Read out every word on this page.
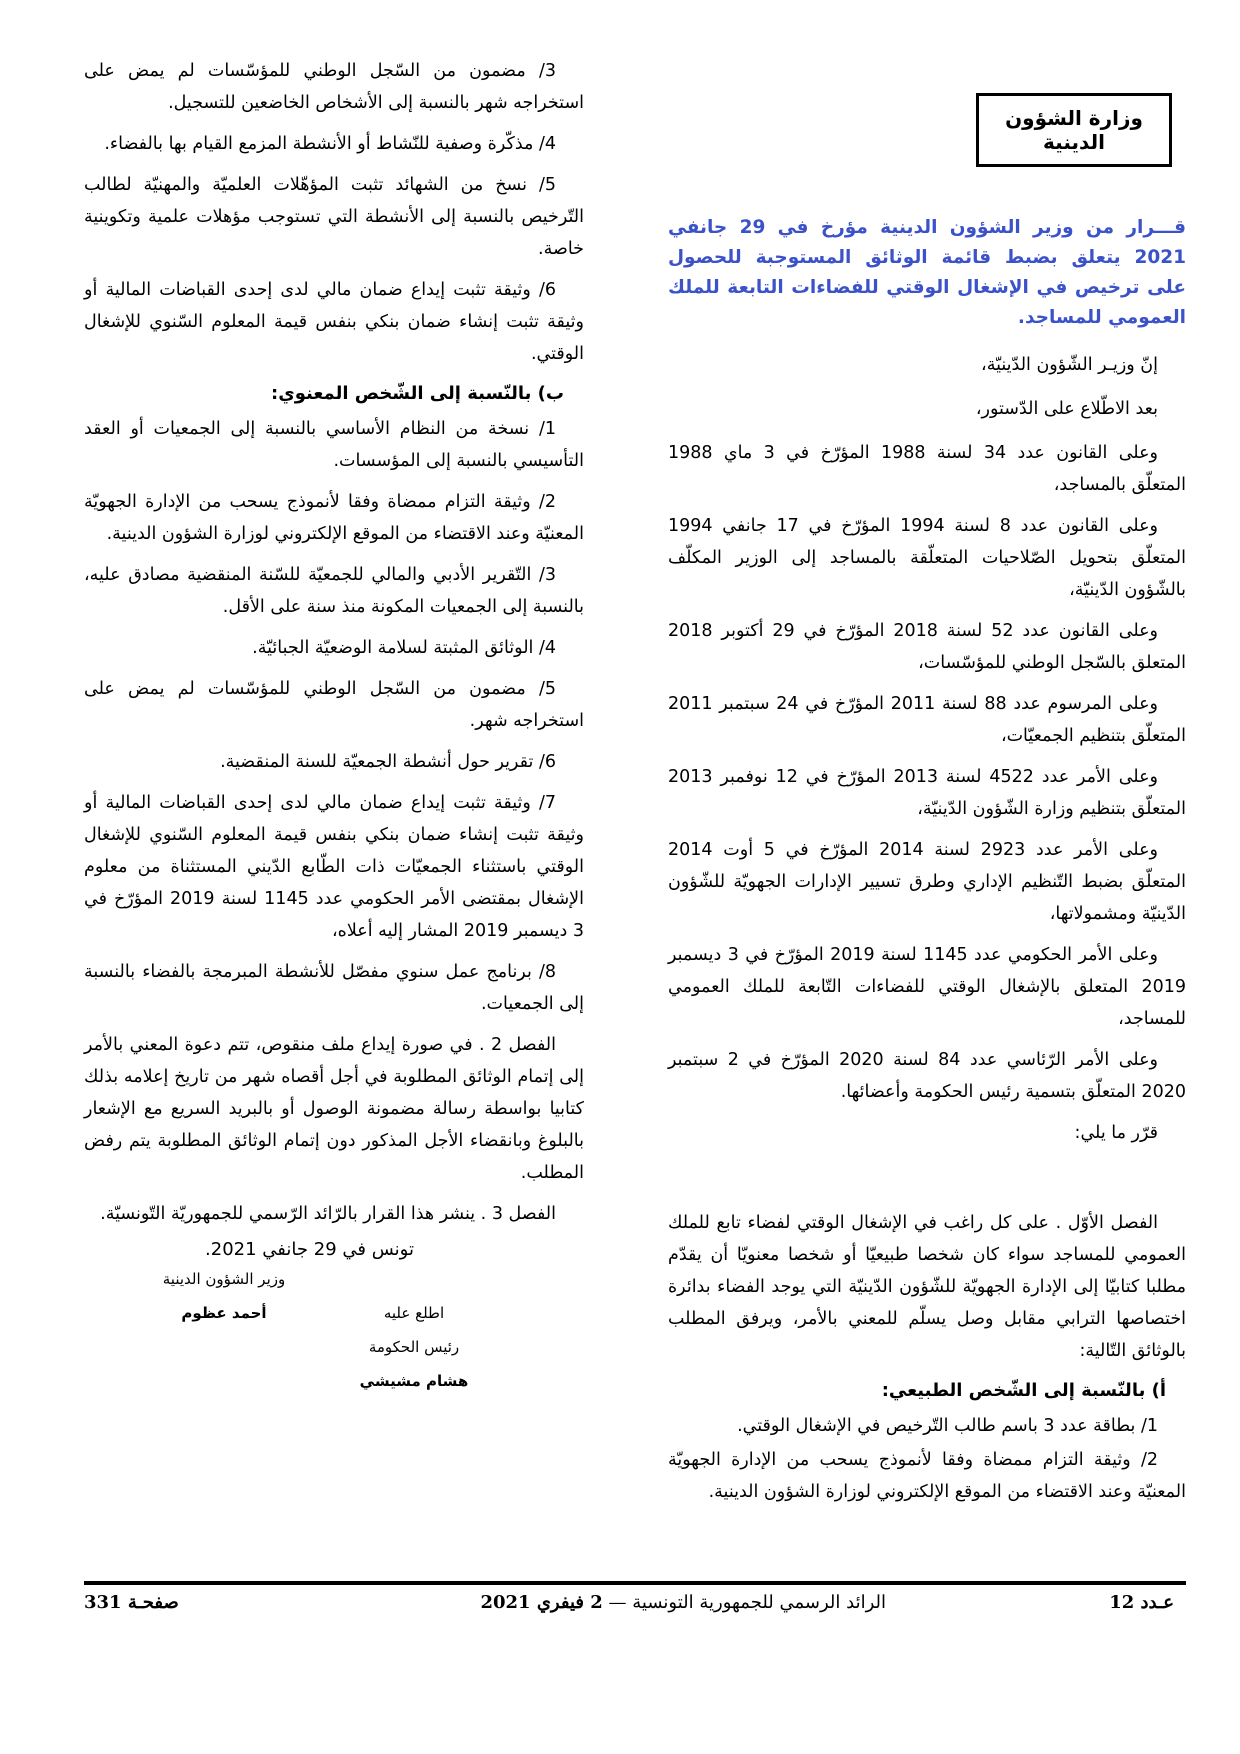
وزارة الشؤون الدينية

قـــرار من وزير الشؤون الدينية مؤرخ في 29 جانفي 2021 يتعلق بضبط قائمة الوثائق المستوجبة للحصول على ترخيص في الإشغال الوقتي للفضاءات التابعة للملك العمومي للمساجد.

إنّ وزيـر الشّؤون الدّينيّة،

بعد الاطّلاع على الدّستور،

وعلى القانون عدد 34 لسنة 1988 المؤرّخ في 3 ماي 1988 المتعلّق بالمساجد،

وعلى القانون عدد 8 لسنة 1994 المؤرّخ في 17 جانفي 1994 المتعلّق بتحويل الصّلاحيات المتعلّقة بالمساجد إلى الوزير المكلّف بالشّؤون الدّينيّة،

وعلى القانون عدد 52 لسنة 2018 المؤرّخ في 29 أكتوبر 2018 المتعلق بالسّجل الوطني للمؤسّسات،

وعلى المرسوم عدد 88 لسنة 2011 المؤرّخ في 24 سبتمبر 2011 المتعلّق بتنظيم الجمعيّات،

وعلى الأمر عدد 4522 لسنة 2013 المؤرّخ في 12 نوفمبر 2013 المتعلّق بتنظيم وزارة الشّؤون الدّينيّة،

وعلى الأمر عدد 2923 لسنة 2014 المؤرّخ في 5 أوت 2014 المتعلّق بضبط التّنظيم الإداري وطرق تسيير الإدارات الجهويّة للشّؤون الدّينيّة ومشمولاتها،

وعلى الأمر الحكومي عدد 1145 لسنة 2019 المؤرّخ في 3 ديسمبر 2019 المتعلق بالإشغال الوقتي للفضاءات التّابعة للملك العمومي للمساجد،

وعلى الأمر الرّئاسي عدد 84 لسنة 2020 المؤرّخ في 2 سبتمبر 2020 المتعلّق بتسمية رئيس الحكومة وأعضائها.

قرّر ما يلي:

الفصل الأوّل . على كل راغب في الإشغال الوقتي لفضاء تابع للملك العمومي للمساجد سواء كان شخصا طبيعيّا أو شخصا معنويّا أن يقدّم مطلبا كتابيّا إلى الإدارة الجهويّة للشّؤون الدّينيّة التي يوجد الفضاء بدائرة اختصاصها الترابي مقابل وصل يسلّم للمعني بالأمر، ويرفق المطلب بالوثائق التّالية:

أ) بالنّسبة إلى الشّخص الطبيعي:

1/ بطاقة عدد 3 باسم طالب التّرخيص في الإشغال الوقتي.

2/ وثيقة التزام ممضاة وفقا لأنموذج يسحب من الإدارة الجهويّة المعنيّة وعند الاقتضاء من الموقع الإلكتروني لوزارة الشؤون الدينية.

3/ مضمون من السّجل الوطني للمؤسّسات لم يمض على استخراجه شهر بالنسبة إلى الأشخاص الخاضعين للتسجيل.

4/ مذكّرة وصفية للنّشاط أو الأنشطة المزمع القيام بها بالفضاء.

5/ نسخ من الشهائد تثبت المؤهّلات العلميّة والمهنيّة لطالب التّرخيص بالنسبة إلى الأنشطة التي تستوجب مؤهلات علمية وتكوينية خاصة.

6/ وثيقة تثبت إيداع ضمان مالي لدى إحدى القباضات المالية أو وثيقة تثبت إنشاء ضمان بنكي بنفس قيمة المعلوم السّنوي للإشغال الوقتي.

ب) بالنّسبة إلى الشّخص المعنوي:

1/ نسخة من النظام الأساسي بالنسبة إلى الجمعيات أو العقد التأسيسي بالنسبة إلى المؤسسات.

2/ وثيقة التزام ممضاة وفقا لأنموذج يسحب من الإدارة الجهويّة المعنيّة وعند الاقتضاء من الموقع الإلكتروني لوزارة الشؤون الدينية.

3/ التّقرير الأدبي والمالي للجمعيّة للسّنة المنقضية مصادق عليه، بالنسبة إلى الجمعيات المكونة منذ سنة على الأقل.

4/ الوثائق المثبتة لسلامة الوضعيّة الجبائيّة.

5/ مضمون من السّجل الوطني للمؤسّسات لم يمض على استخراجه شهر.

6/ تقرير حول أنشطة الجمعيّة للسنة المنقضية.

7/ وثيقة تثبت إيداع ضمان مالي لدى إحدى القباضات المالية أو وثيقة تثبت إنشاء ضمان بنكي بنفس قيمة المعلوم السّنوي للإشغال الوقتي باستثناء الجمعيّات ذات الطّابع الدّيني المستثناة من معلوم الإشغال بمقتضى الأمر الحكومي عدد 1145 لسنة 2019 المؤرّخ في 3 ديسمبر 2019 المشار إليه أعلاه،

8/ برنامج عمل سنوي مفصّل للأنشطة المبرمجة بالفضاء بالنسبة إلى الجمعيات.

الفصل 2 . في صورة إيداع ملف منقوص، تتم دعوة المعني بالأمر إلى إتمام الوثائق المطلوبة في أجل أقصاه شهر من تاريخ إعلامه بذلك كتابيا بواسطة رسالة مضمونة الوصول أو بالبريد السريع مع الإشعار بالبلوغ وبانقضاء الأجل المذكور دون إتمام الوثائق المطلوبة يتم رفض المطلب.

الفصل 3 . ينشر هذا القرار بالرّائد الرّسمي للجمهوريّة التّونسيّة.

تونس في 29 جانفي 2021.

وزير الشؤون الدينية
أحمد عظوم	اطلع عليه
رئيس الحكومة
هشام مشيشي
عـدد 12
الرائد الرسمي للجمهورية التونسية — 2 فيفري 2021
صفحـة 331
